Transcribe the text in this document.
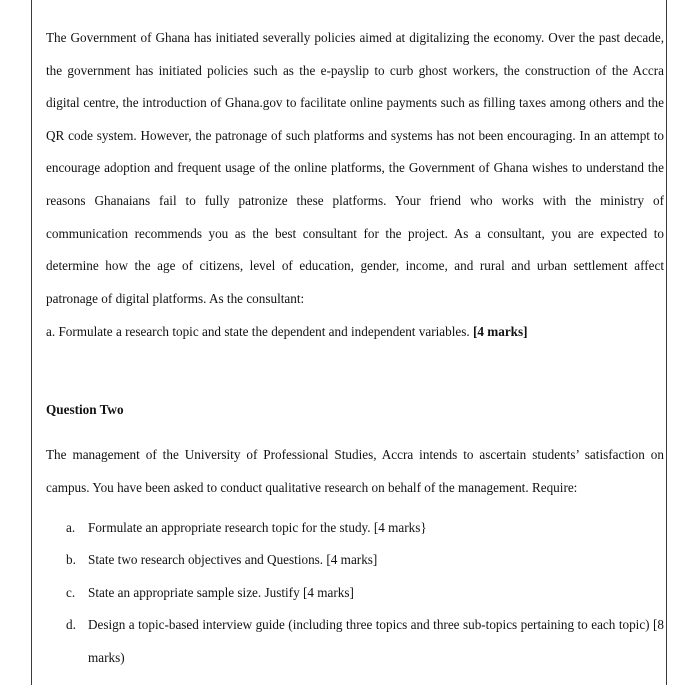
The Government of Ghana has initiated severally policies aimed at digitalizing the economy. Over the past decade, the government has initiated policies such as the e-payslip to curb ghost workers, the construction of the Accra digital centre, the introduction of Ghana.gov to facilitate online payments such as filling taxes among others and the QR code system. However, the patronage of such platforms and systems has not been encouraging. In an attempt to encourage adoption and frequent usage of the online platforms, the Government of Ghana wishes to understand the reasons Ghanaians fail to fully patronize these platforms. Your friend who works with the ministry of communication recommends you as the best consultant for the project. As a consultant, you are expected to determine how the age of citizens, level of education, gender, income, and rural and urban settlement affect patronage of digital platforms. As the consultant:

a. Formulate a research topic and state the dependent and independent variables. [4 marks]

Question Two

The management of the University of Professional Studies, Accra intends to ascertain students’ satisfaction on campus. You have been asked to conduct qualitative research on behalf of the management. Require:

a. Formulate an appropriate research topic for the study. [4 marks}
b. State two research objectives and Questions. [4 marks]
c. State an appropriate sample size. Justify [4 marks]
d. Design a topic-based interview guide (including three topics and three sub-topics pertaining to each topic) [8 marks)
